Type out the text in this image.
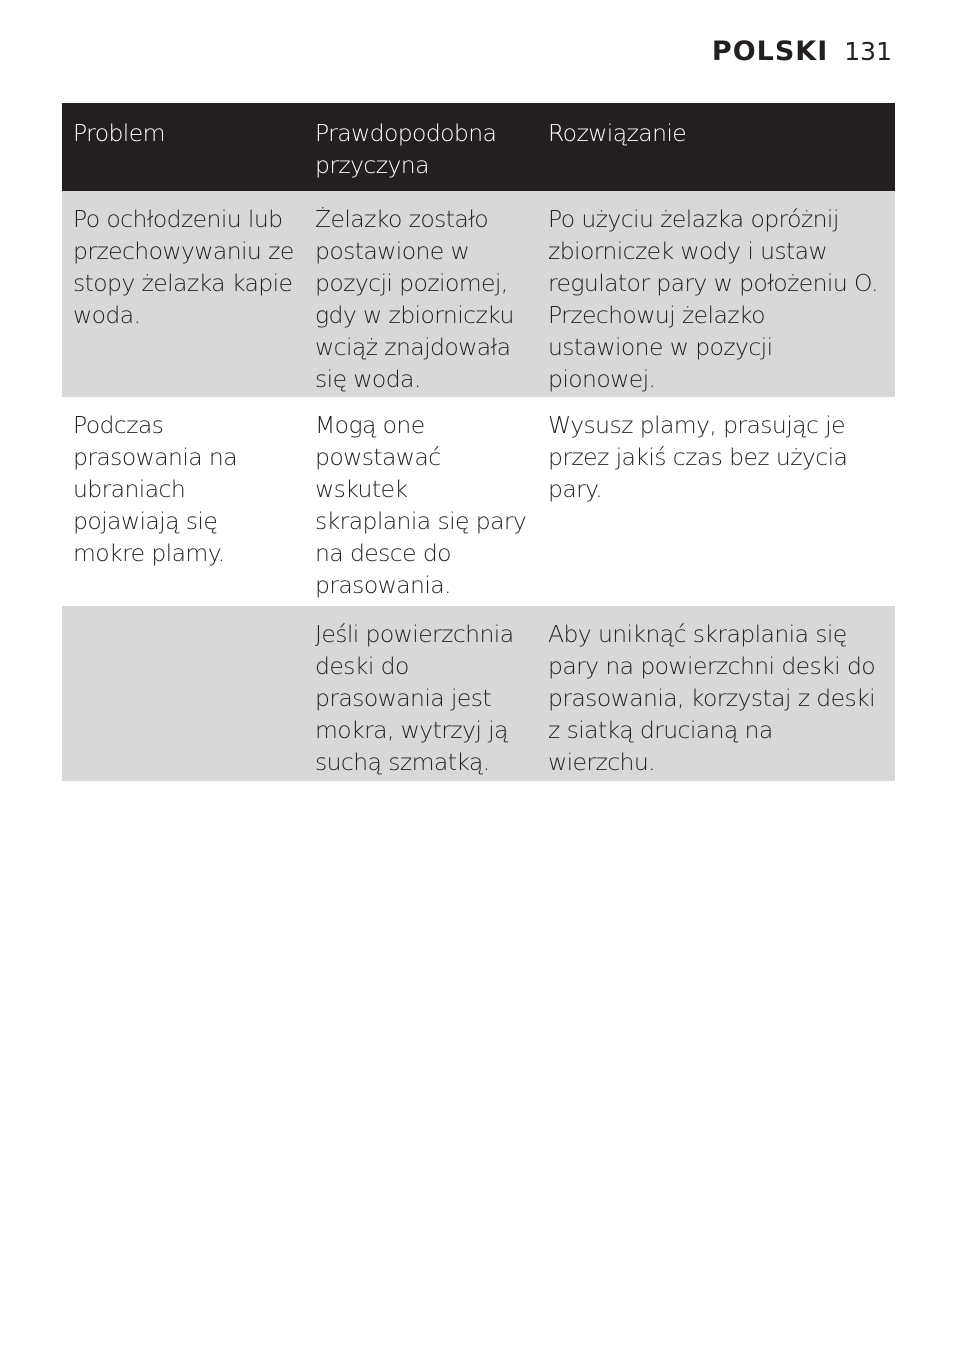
POLSKI 131
Problem	Prawdopodobna przyczyna
Rozwiązanie
Po ochłodzeniu lub przechowywaniu ze stopy żelazka kapie woda.
Żelazko zostało postawione w pozycji poziomej, gdy w zbiorniczku wciąż znajdowała się woda.
Po użyciu żelazka opróżnij zbiorniczek wody i ustaw regulator pary w położeniu O. Przechowuj żelazko ustawione w pozycji pionowej.
Podczas prasowania na ubraniach pojawiają się mokre plamy.
Mogą one powstawać wskutek skraplania się pary na desce do prasowania.
Wysusz plamy, prasując je przez jakiś czas bez użycia pary.
Jeśli powierzchnia deski do prasowania jest mokra, wytrzyj ją suchą szmatką.
Aby uniknąć skraplania się pary na powierzchni deski do prasowania, korzystaj z deski z siatką drucianą na wierzchu.
